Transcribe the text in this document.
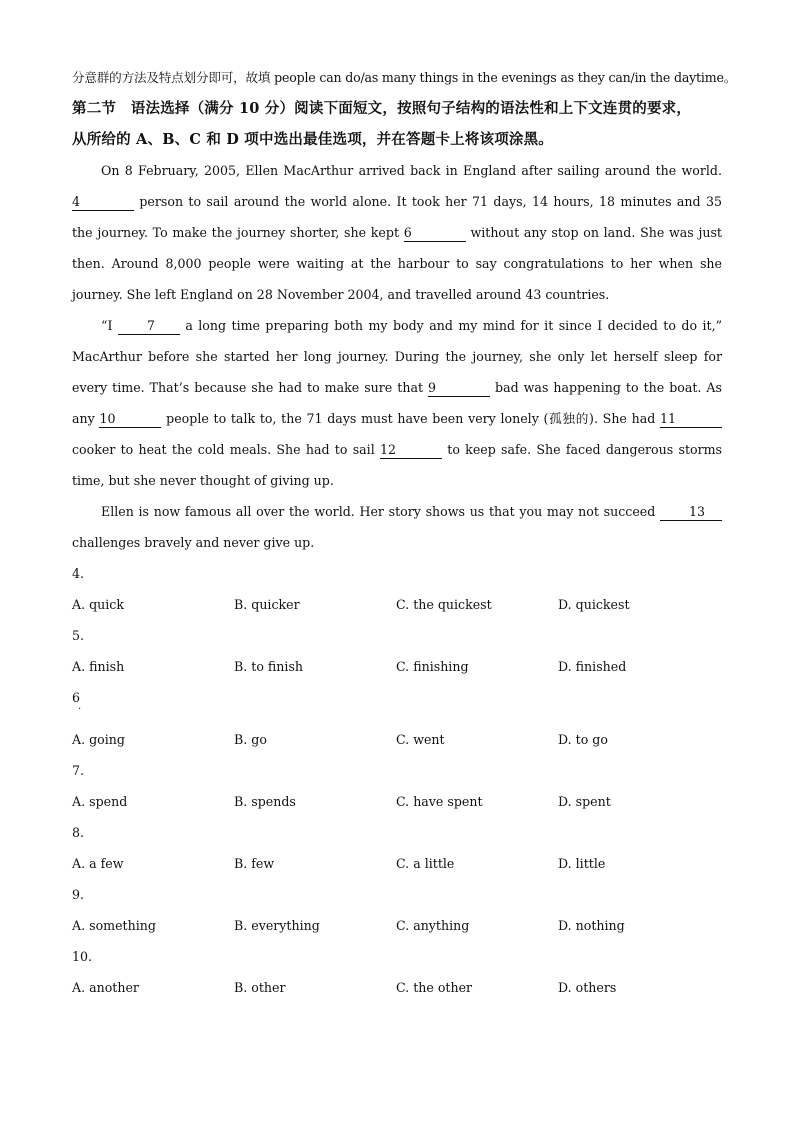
分意群的方法及特点划分即可，故填 people can do/as many things in the evenings as they can/in the daytime。
第二节　语法选择（满分 10 分）阅读下面短文，按照句子结构的语法性和上下文连贯的要求，
从所给的 A、B、C 和 D 项中选出最佳选项，并在答题卡上将该项涂黑。
On 8 February, 2005, Ellen MacArthur arrived back in England after sailing around the world.
4	person to sail around the world alone. It took her 71 days, 14 hours, 18 minutes and 35
the journey. To make the journey shorter, she kept 6	without any stop on land. She was just
then. Around 8,000 people were waiting at the harbour to say congratulations to her when she
journey. She left England on 28 November 2004, and travelled around 43 countries.
“I 7 a long time preparing both my body and my mind for it since I decided to do it,”
MacArthur before she started her long journey. During the journey, she only let herself sleep for
every time. That’s because she had to make sure that 9	bad was happening to the boat. As
any 10	people to talk to, the 71 days must have been very lonely (孤独的). She had 11
cooker to heat the cold meals. She had to sail 12	to keep safe. She faced dangerous storms
time, but she never thought of giving up.
Ellen is now famous all over the world. Her story shows us that you may not succeed 13
challenges bravely and never give up.
4.
A. quick	B. quicker	C. the quickest	D. quickest
5.
A. finish	B. to finish	C. finishing	D. finished
6
.
A. going	B. go	C. went	D. to go
7.
A. spend	B. spends	C. have spent	D. spent
8.
A. a few	B. few	C. a little	D. little
9.
A. something	B. everything	C. anything	D. nothing
10.
A. another	B. other	C. the other	D. others
